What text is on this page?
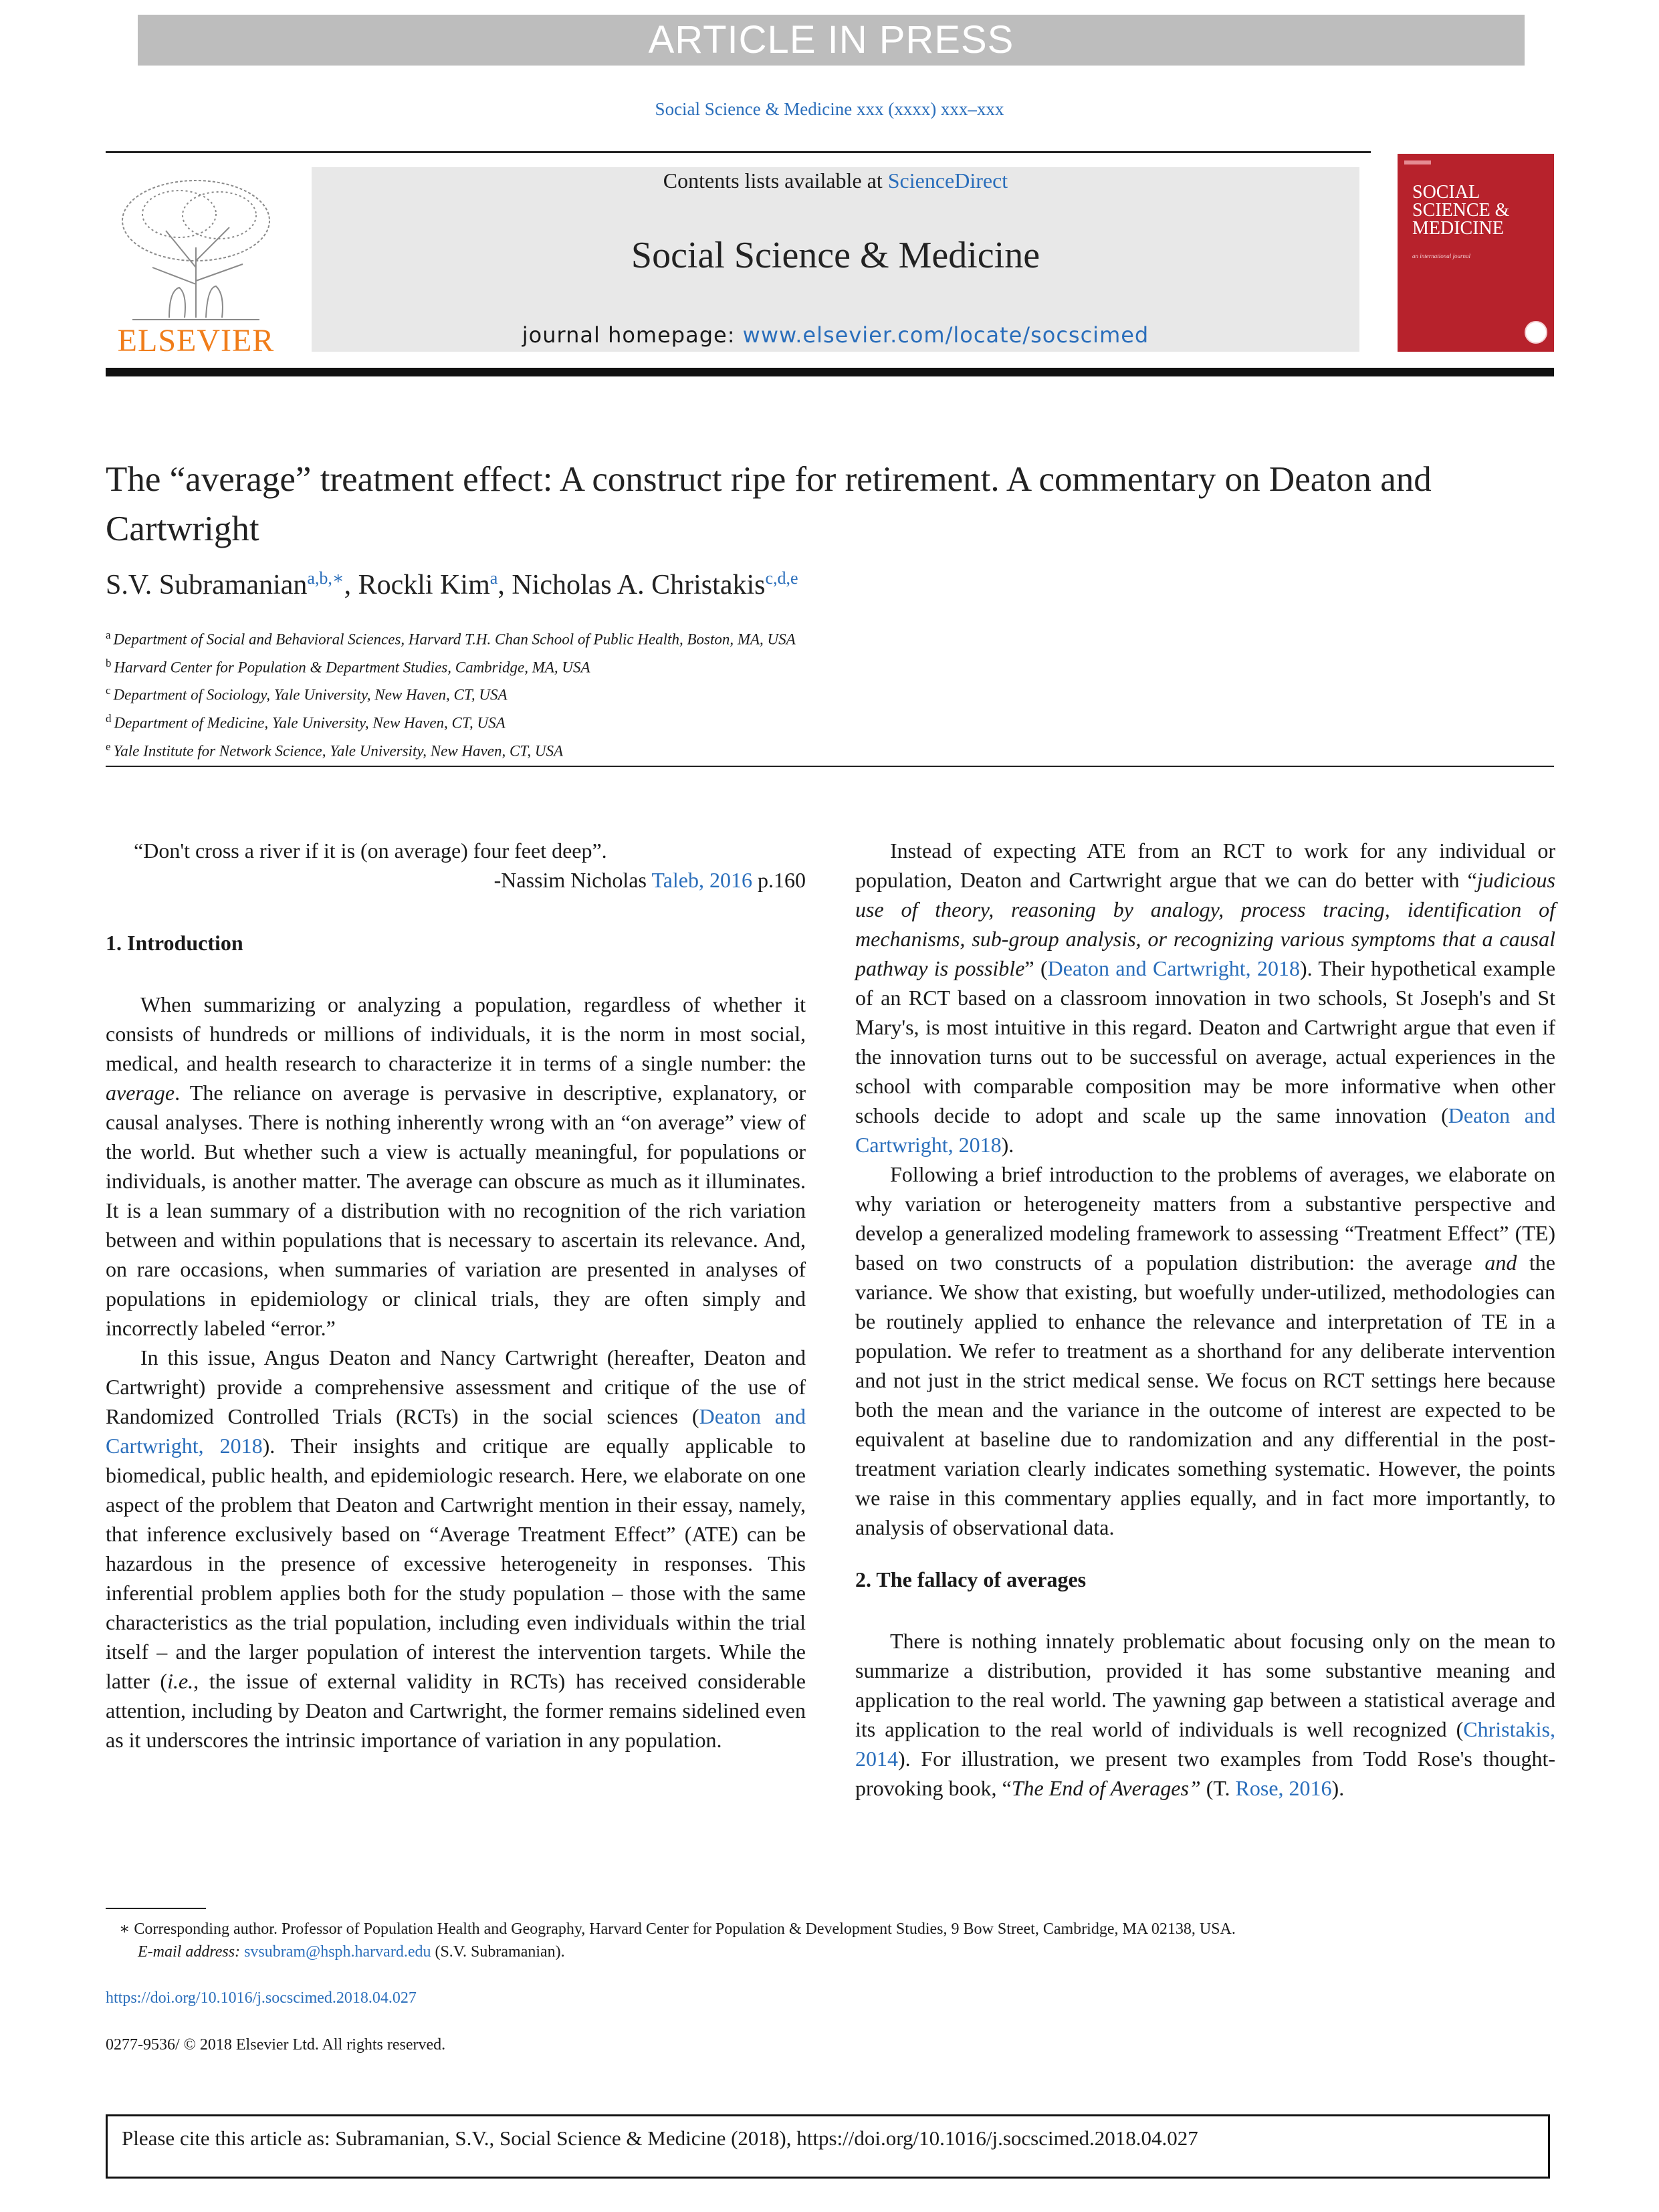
ARTICLE IN PRESS
Social Science & Medicine xxx (xxxx) xxx–xxx
ELSEVIER
Contents lists available at ScienceDirect
Social Science & Medicine
journal homepage: www.elsevier.com/locate/socscimed
SOCIAL SCIENCE & MEDICINE
an international journal
The “average” treatment effect: A construct ripe for retirement. A commentary on Deaton and Cartwright
S.V. Subramanian$^{a,b,∗}$, Rockli Kim$^a$, Nicholas A. Christakis$^{c,d,e}$
$^a$ Department of Social and Behavioral Sciences, Harvard T.H. Chan School of Public Health, Boston, MA, USA
$^b$ Harvard Center for Population & Department Studies, Cambridge, MA, USA
$^c$ Department of Sociology, Yale University, New Haven, CT, USA
$^d$ Department of Medicine, Yale University, New Haven, CT, USA
$^e$ Yale Institute for Network Science, Yale University, New Haven, CT, USA

“Don't cross a river if it is (on average) four feet deep”.

-Nassim Nicholas Taleb, 2016 p.160

1. Introduction

When summarizing or analyzing a population, regardless of whether it consists of hundreds or millions of individuals, it is the norm in most social, medical, and health research to characterize it in terms of a single number: the average. The reliance on average is pervasive in descriptive, explanatory, or causal analyses. There is nothing inherently wrong with an “on average” view of the world. But whether such a view is actually meaningful, for populations or individuals, is another matter. The average can obscure as much as it illuminates. It is a lean summary of a distribution with no recognition of the rich variation between and within populations that is necessary to ascertain its relevance. And, on rare occasions, when summaries of variation are presented in analyses of populations in epidemiology or clinical trials, they are often simply and incorrectly labeled “error.”

In this issue, Angus Deaton and Nancy Cartwright (hereafter, Deaton and Cartwright) provide a comprehensive assessment and critique of the use of Randomized Controlled Trials (RCTs) in the social sciences (Deaton and Cartwright, 2018). Their insights and critique are equally applicable to biomedical, public health, and epidemiologic research. Here, we elaborate on one aspect of the problem that Deaton and Cartwright mention in their essay, namely, that inference exclusively based on “Average Treatment Effect” (ATE) can be hazardous in the presence of excessive heterogeneity in responses. This inferential problem applies both for the study population – those with the same characteristics as the trial population, including even individuals within the trial itself – and the larger population of interest the intervention targets. While the latter (i.e., the issue of external validity in RCTs) has received considerable attention, including by Deaton and Cartwright, the former remains sidelined even as it underscores the intrinsic importance of variation in any population.

Instead of expecting ATE from an RCT to work for any individual or population, Deaton and Cartwright argue that we can do better with “judicious use of theory, reasoning by analogy, process tracing, identification of mechanisms, sub-group analysis, or recognizing various symptoms that a causal pathway is possible” (Deaton and Cartwright, 2018). Their hypothetical example of an RCT based on a classroom innovation in two schools, St Joseph's and St Mary's, is most intuitive in this regard. Deaton and Cartwright argue that even if the innovation turns out to be successful on average, actual experiences in the school with comparable composition may be more informative when other schools decide to adopt and scale up the same innovation (Deaton and Cartwright, 2018).

Following a brief introduction to the problems of averages, we elaborate on why variation or heterogeneity matters from a substantive perspective and develop a generalized modeling framework to assessing “Treatment Effect” (TE) based on two constructs of a population distribution: the average and the variance. We show that existing, but woefully under-utilized, methodologies can be routinely applied to enhance the relevance and interpretation of TE in a population. We refer to treatment as a shorthand for any deliberate intervention and not just in the strict medical sense. We focus on RCT settings here because both the mean and the variance in the outcome of interest are expected to be equivalent at baseline due to randomization and any differential in the post-treatment variation clearly indicates something systematic. However, the points we raise in this commentary applies equally, and in fact more importantly, to analysis of observational data.

2. The fallacy of averages

There is nothing innately problematic about focusing only on the mean to summarize a distribution, provided it has some substantive meaning and application to the real world. The yawning gap between a statistical average and its application to the real world of individuals is well recognized (Christakis, 2014). For illustration, we present two examples from Todd Rose's thought-provoking book, “The End of Averages” (T. Rose, 2016).

∗ Corresponding author. Professor of Population Health and Geography, Harvard Center for Population & Development Studies, 9 Bow Street, Cambridge, MA 02138, USA.
E-mail address: svsubram@hsph.harvard.edu (S.V. Subramanian).
https://doi.org/10.1016/j.socscimed.2018.04.027
0277-9536/ © 2018 Elsevier Ltd. All rights reserved.
Please cite this article as: Subramanian, S.V., Social Science & Medicine (2018), https://doi.org/10.1016/j.socscimed.2018.04.027
